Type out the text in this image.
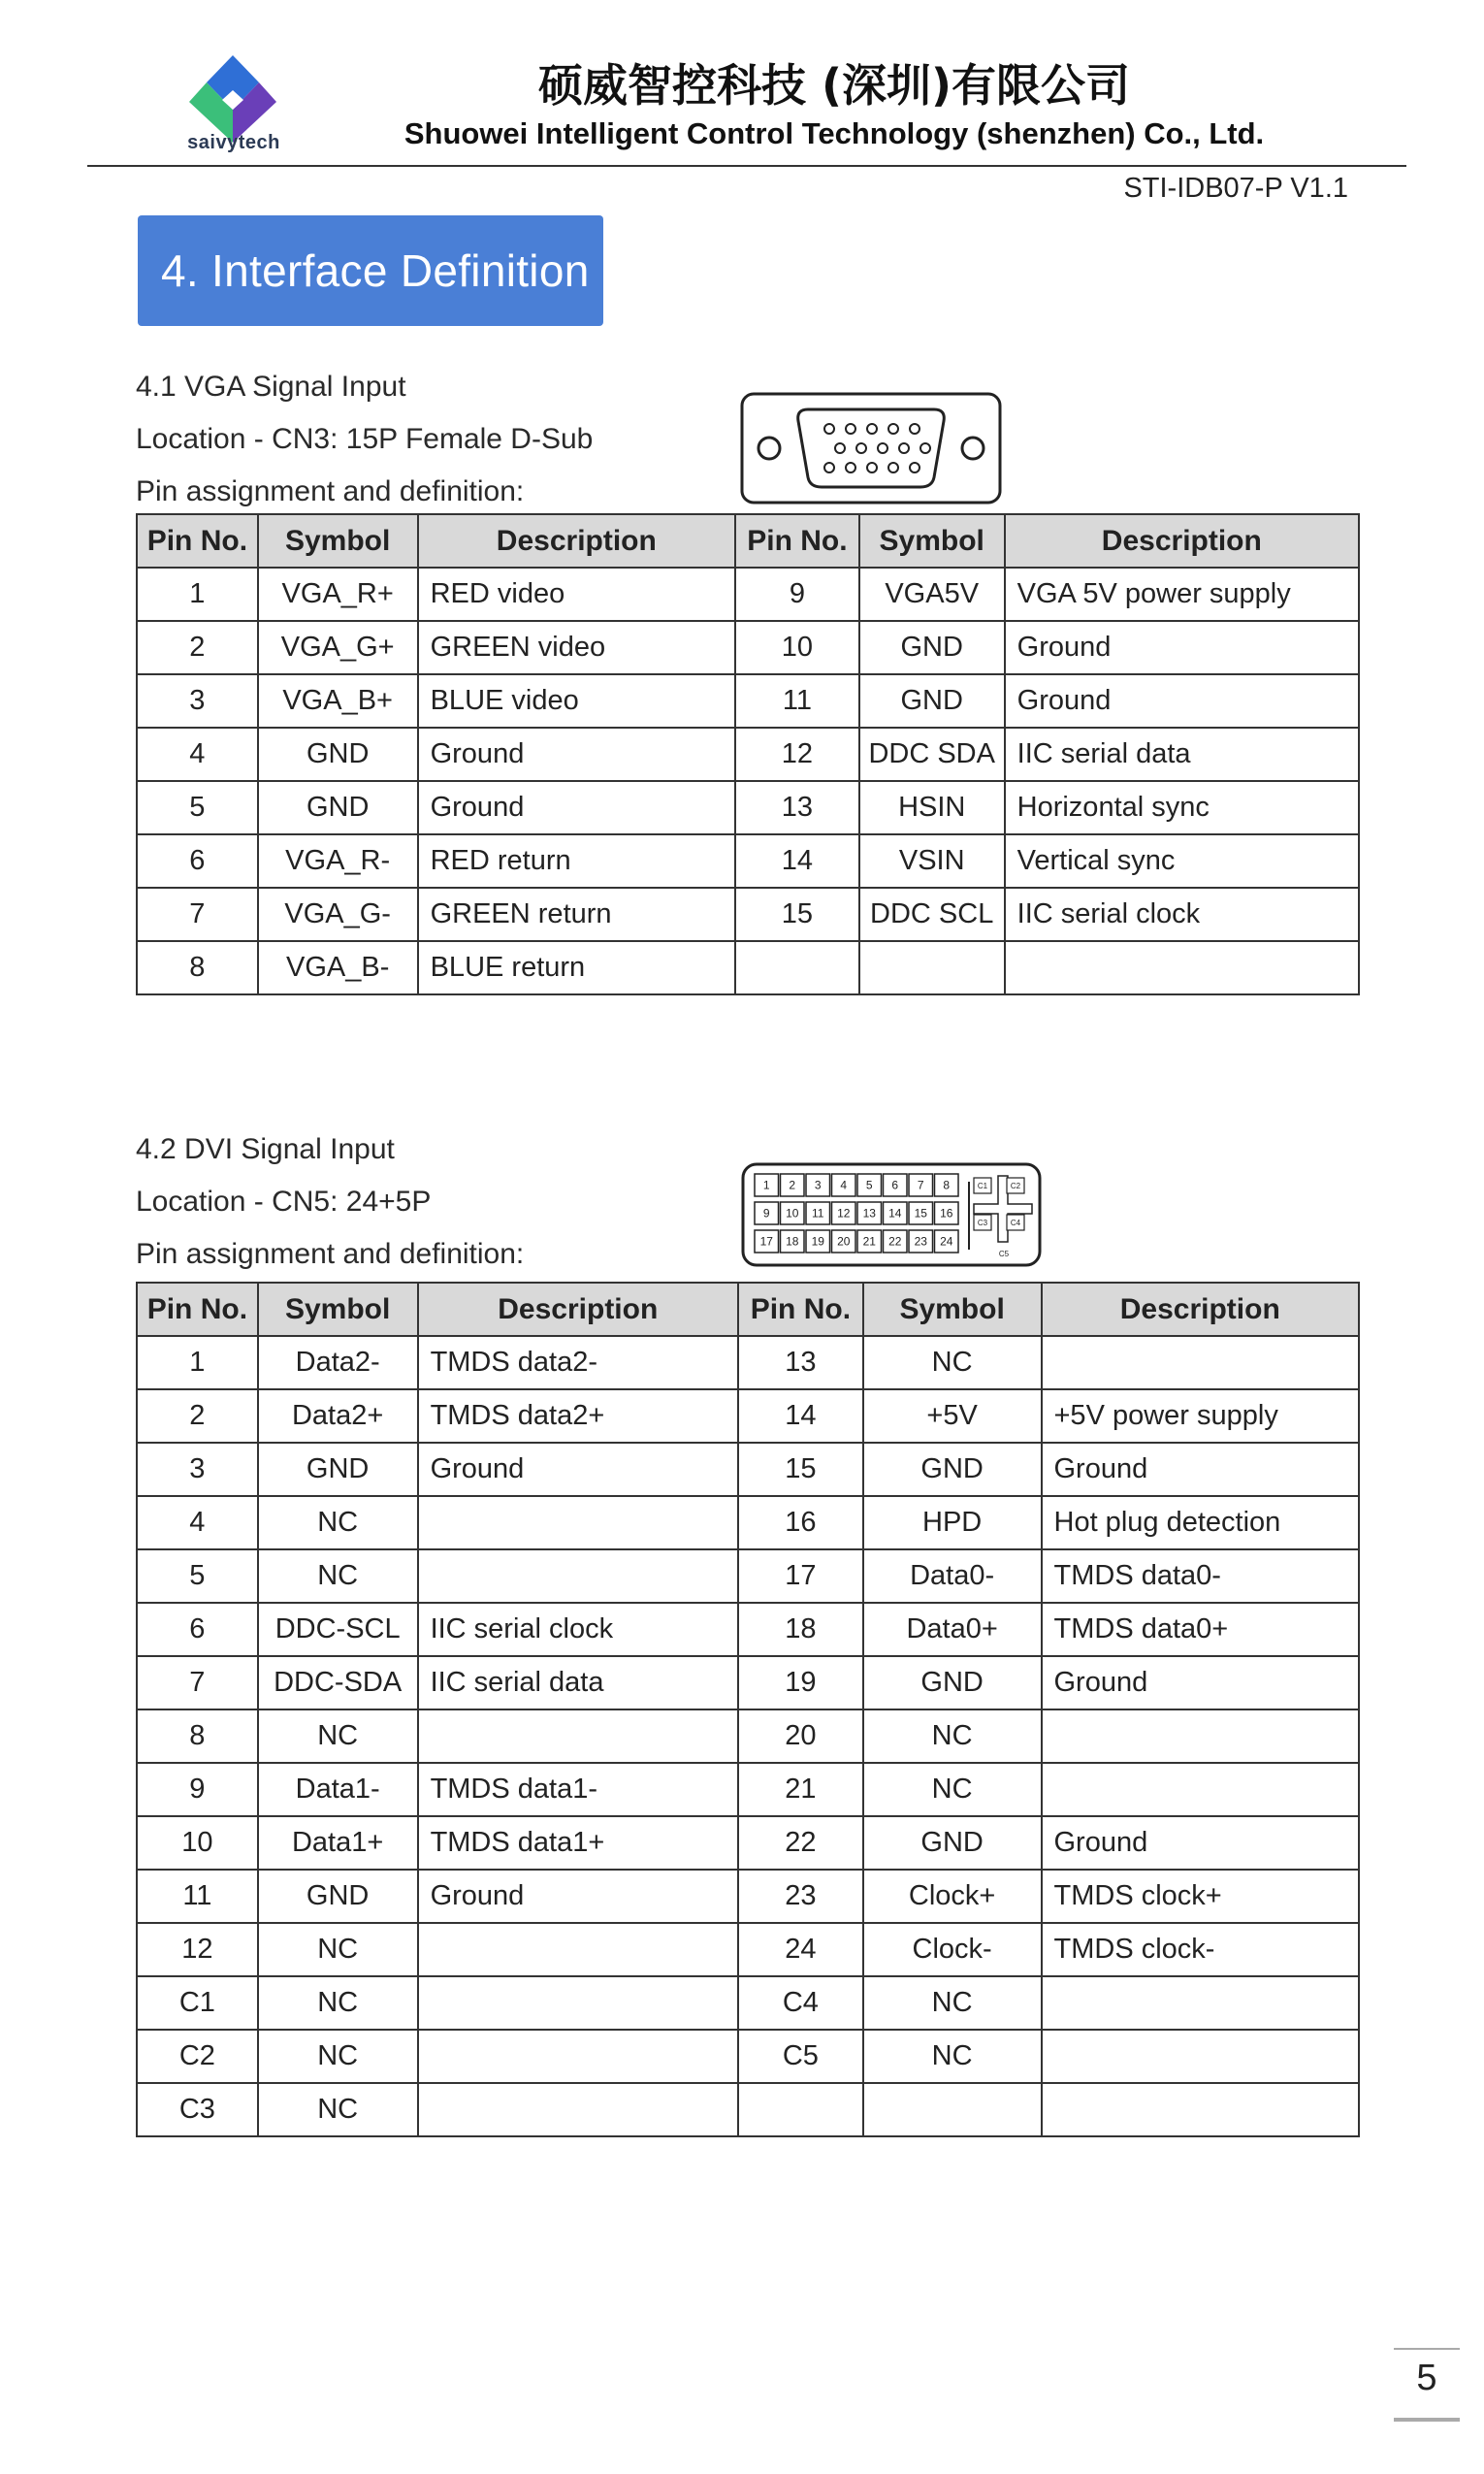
saivytech
硕威智控科技 (深圳)有限公司
Shuowei Intelligent Control Technology (shenzhen) Co., Ltd.
STI-IDB07-P V1.1
4. Interface Definition
4.1 VGA Signal Input
Location - CN3: 15P Female D-Sub
Pin assignment and definition:
Pin No.	Symbol	Description	Pin No.	Symbol	Description
1	VGA_R+	RED video	9	VGA5V	VGA 5V power supply
2	VGA_G+	GREEN video	10	GND	Ground
3	VGA_B+	BLUE video	11	GND	Ground
4	GND	Ground	12	DDC SDA	IIC serial data
5	GND	Ground	13	HSIN	Horizontal sync
6	VGA_R-	RED return	14	VSIN	Vertical sync
7	VGA_G-	GREEN return	15	DDC SCL	IIC serial clock
8	VGA_B-	BLUE return			
4.2 DVI Signal Input
Location - CN5: 24+5P
Pin assignment and definition:
1 2 3 4 5 6 7 8
9 10 11 12 13 14 15 16
17 18 19 20 21 22 23 24
C1	C2
C3	C4
C5
Pin No.	Symbol	Description	Pin No.	Symbol	Description
1	Data2-	TMDS data2-	13	NC	
2	Data2+	TMDS data2+	14	+5V	+5V power supply
3	GND	Ground	15	GND	Ground
4	NC		16	HPD	Hot plug detection
5	NC		17	Data0-	TMDS data0-
6	DDC-SCL	IIC serial clock	18	Data0+	TMDS data0+
7	DDC-SDA	IIC serial data	19	GND	Ground
8	NC		20	NC	
9	Data1-	TMDS data1-	21	NC	
10	Data1+	TMDS data1+	22	GND	Ground
11	GND	Ground	23	Clock+	TMDS clock+
12	NC		24	Clock-	TMDS clock-
C1	NC		C4	NC	
C2	NC		C5	NC	
C3	NC				
5
